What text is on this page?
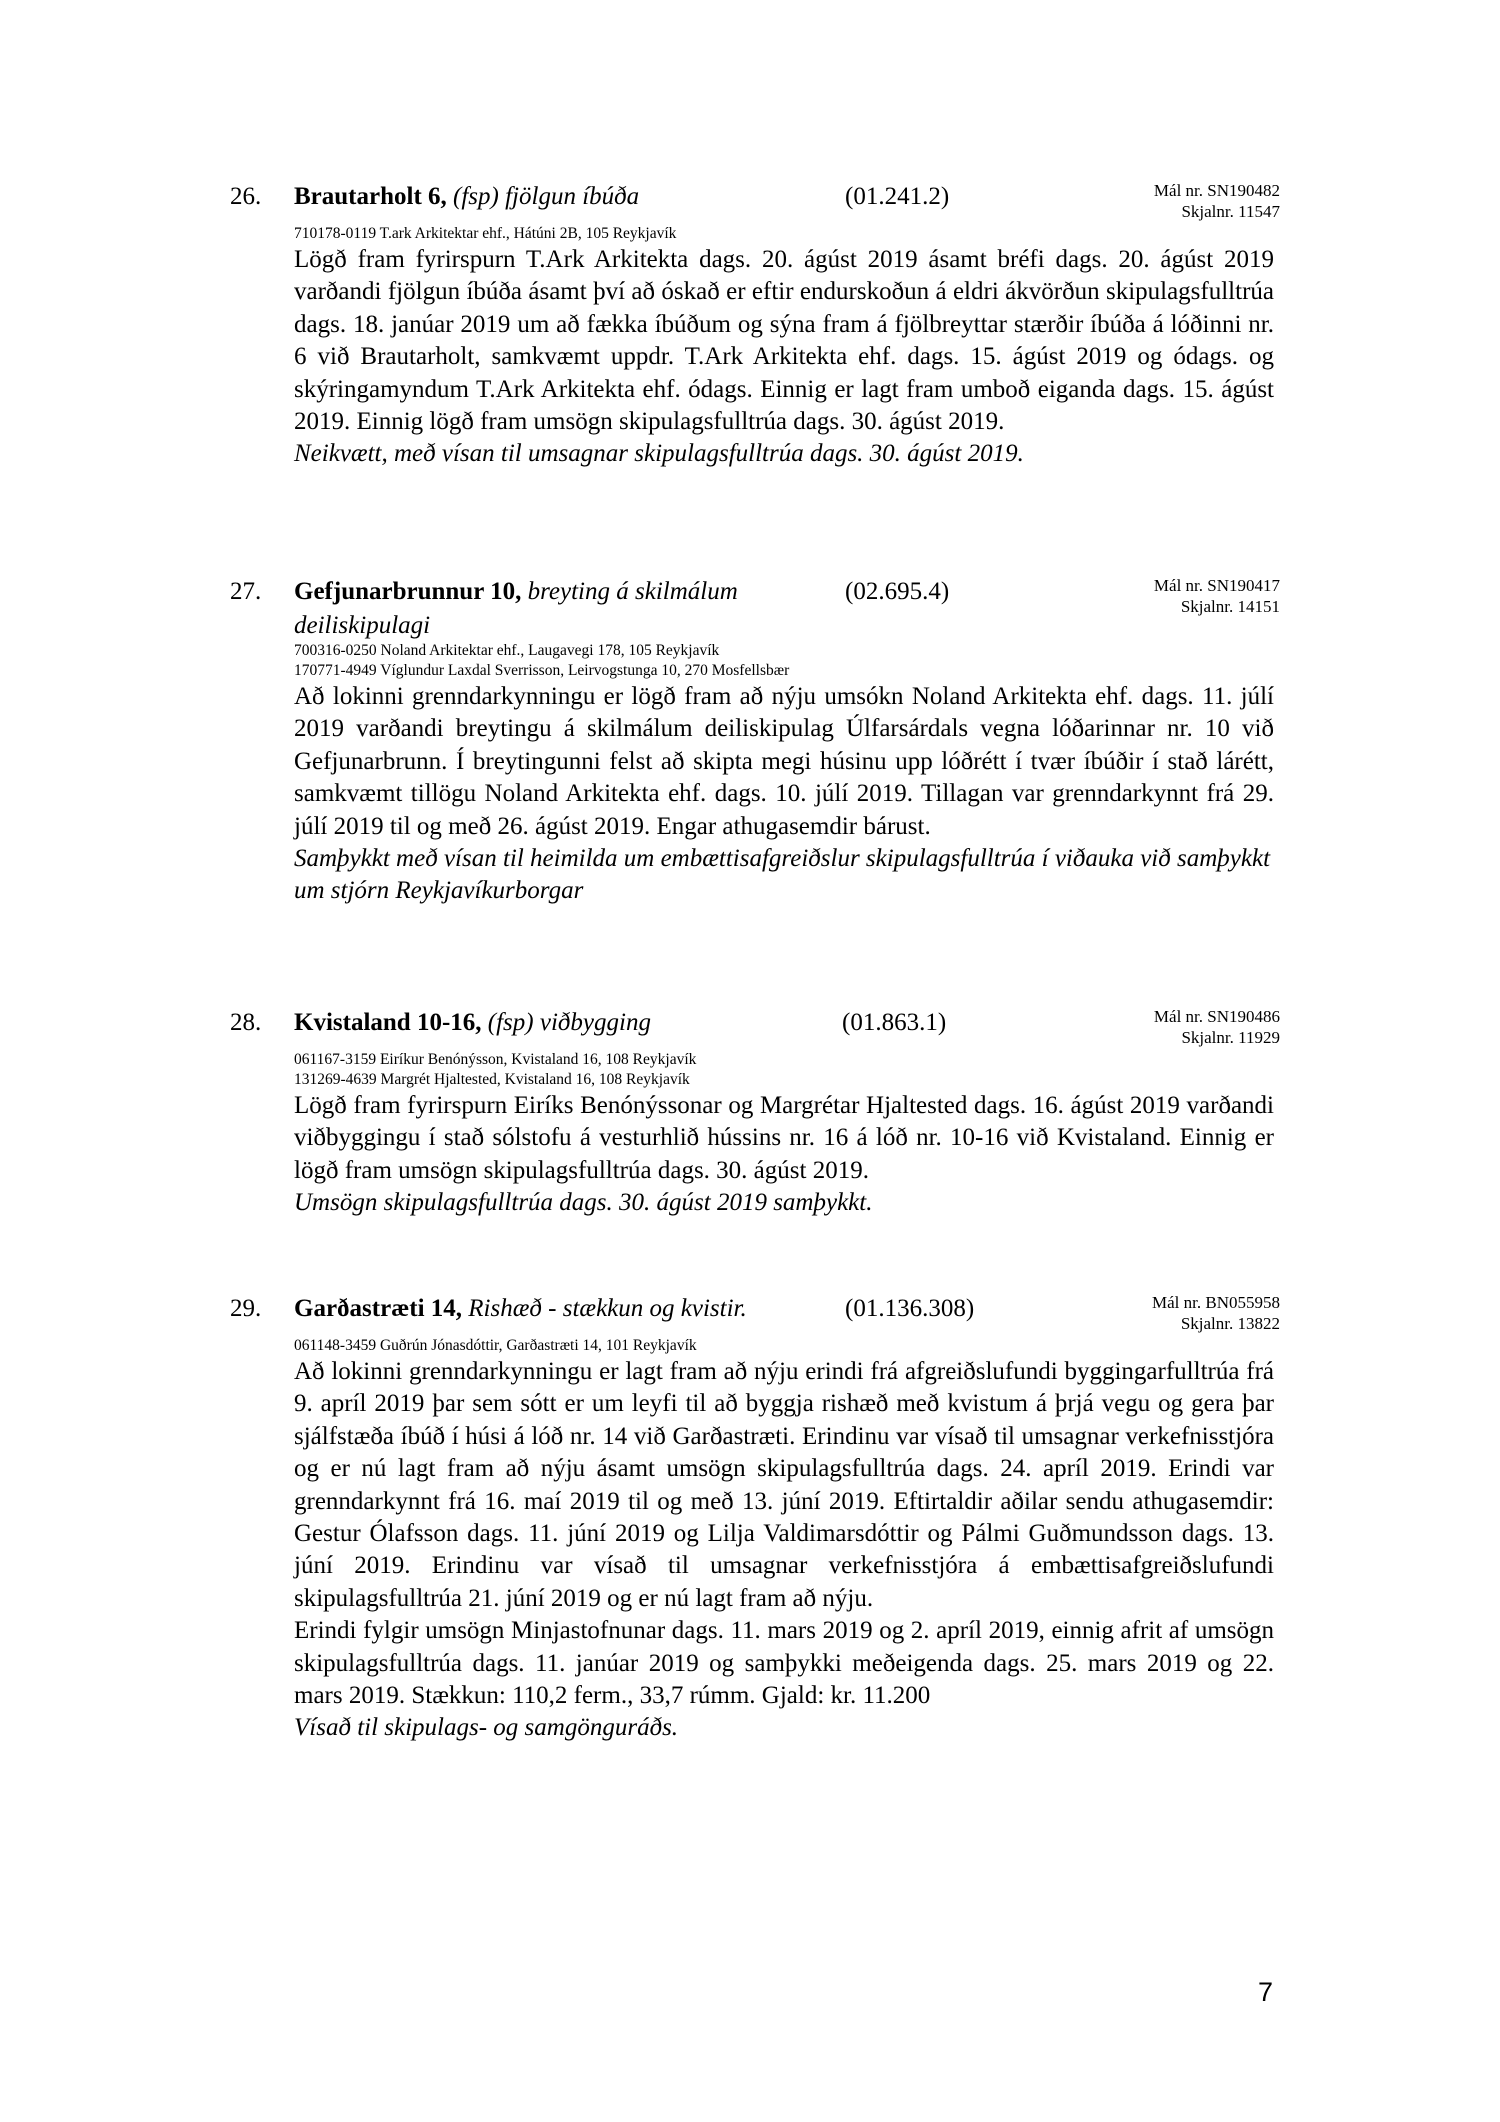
26. Brautarholt 6, (fsp) fjölgun íbúða	(01.241.2)	Mál nr. SN190482
Skjalnr. 11547
710178-0119 T.ark Arkitektar ehf., Hátúni 2B, 105 Reykjavík

Lögð fram fyrirspurn T.Ark Arkitekta dags. 20. ágúst 2019 ásamt bréfi dags. 20. ágúst 2019 varðandi fjölgun íbúða ásamt því að óskað er eftir endurskoðun á eldri ákvörðun skipulagsfulltrúa dags. 18. janúar 2019 um að fækka íbúðum og sýna fram á fjölbreyttar stærðir íbúða á lóðinni nr. 6 við Brautarholt, samkvæmt uppdr. T.Ark Arkitekta ehf. dags. 15. ágúst 2019 og ódags. og skýringamyndum T.Ark Arkitekta ehf. ódags. Einnig er lagt fram umboð eiganda dags. 15. ágúst 2019. Einnig lögð fram umsögn skipulagsfulltrúa dags. 30. ágúst 2019.

Neikvætt, með vísan til umsagnar skipulagsfulltrúa dags. 30. ágúst 2019.

27. Gefjunarbrunnur 10, breyting á skilmálum deiliskipulagi
(02.695.4)	Mál nr. SN190417
Skjalnr. 14151
700316-0250 Noland Arkitektar ehf., Laugavegi 178, 105 Reykjavík
170771-4949 Víglundur Laxdal Sverrisson, Leirvogstunga 10, 270 Mosfellsbær

Að lokinni grenndarkynningu er lögð fram að nýju umsókn Noland Arkitekta ehf. dags. 11. júlí 2019 varðandi breytingu á skilmálum deiliskipulag Úlfarsárdals vegna lóðarinnar nr. 10 við Gefjunarbrunn. Í breytingunni felst að skipta megi húsinu upp lóðrétt í tvær íbúðir í stað lárétt, samkvæmt tillögu Noland Arkitekta ehf. dags. 10. júlí 2019. Tillagan var grenndarkynnt frá 29. júlí 2019 til og með 26. ágúst 2019. Engar athugasemdir bárust.

Samþykkt með vísan til heimilda um embættisafgreiðslur skipulagsfulltrúa í viðauka við samþykkt um stjórn Reykjavíkurborgar

28. Kvistaland 10-16, (fsp) viðbygging	(01.863.1)	Mál nr. SN190486
Skjalnr. 11929
061167-3159 Eiríkur Benónýsson, Kvistaland 16, 108 Reykjavík
131269-4639 Margrét Hjaltested, Kvistaland 16, 108 Reykjavík

Lögð fram fyrirspurn Eiríks Benónýssonar og Margrétar Hjaltested dags. 16. ágúst 2019 varðandi viðbyggingu í stað sólstofu á vesturhlið hússins nr. 16 á lóð nr. 10-16 við Kvistaland. Einnig er lögð fram umsögn skipulagsfulltrúa dags. 30. ágúst 2019.

Umsögn skipulagsfulltrúa dags. 30. ágúst 2019 samþykkt.

29. Garðastræti 14, Rishæð - stækkun og kvistir.	(01.136.308)	Mál nr. BN055958
Skjalnr. 13822
061148-3459 Guðrún Jónasdóttir, Garðastræti 14, 101 Reykjavík

Að lokinni grenndarkynningu er lagt fram að nýju erindi frá afgreiðslufundi byggingarfulltrúa frá 9. apríl 2019 þar sem sótt er um leyfi til að byggja rishæð með kvistum á þrjá vegu og gera þar sjálfstæða íbúð í húsi á lóð nr. 14 við Garðastræti. Erindinu var vísað til umsagnar verkefnisstjóra og er nú lagt fram að nýju ásamt umsögn skipulagsfulltrúa dags. 24. apríl 2019. Erindi var grenndarkynnt frá 16. maí 2019 til og með 13. júní 2019. Eftirtaldir aðilar sendu athugasemdir: Gestur Ólafsson dags. 11. júní 2019 og Lilja Valdimarsdóttir og Pálmi Guðmundsson dags. 13. júní 2019. Erindinu var vísað til umsagnar verkefnisstjóra á embættisafgreiðslufundi skipulagsfulltrúa 21. júní 2019 og er nú lagt fram að nýju.

Erindi fylgir umsögn Minjastofnunar dags. 11. mars 2019 og 2. apríl 2019, einnig afrit af umsögn skipulagsfulltrúa dags. 11. janúar 2019 og samþykki meðeigenda dags. 25. mars 2019 og 22. mars 2019. Stækkun: 110,2 ferm., 33,7 rúmm. Gjald: kr. 11.200

Vísað til skipulags- og samgönguráðs.

7
